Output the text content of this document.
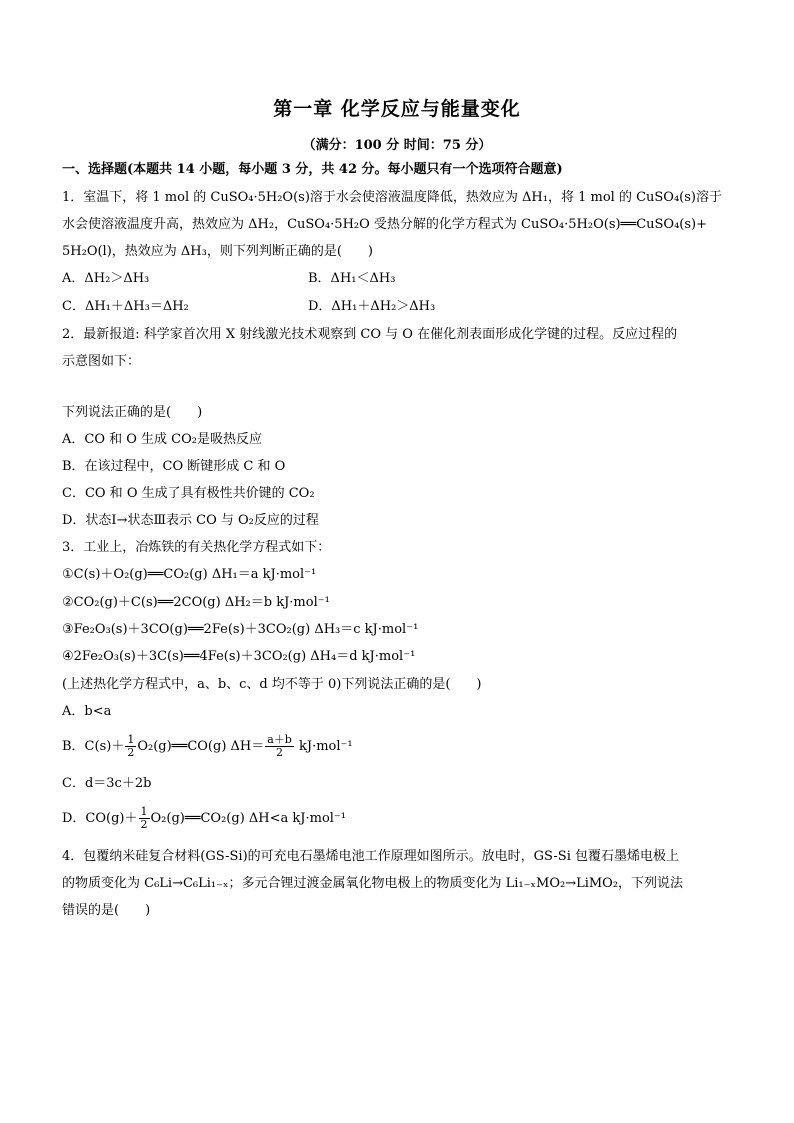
第一章 化学反应与能量变化
（满分：100 分 时间：75 分）
一、选择题(本题共 14 小题，每小题 3 分，共 42 分。每小题只有一个选项符合题意)
1．室温下，将 1 mol 的 CuSO₄·5H₂O(s)溶于水会使溶液温度降低，热效应为 ΔH₁，将 1 mol 的 CuSO₄(s)溶于
水会使溶液温度升高，热效应为 ΔH₂，CuSO₄·5H₂O 受热分解的化学方程式为 CuSO₄·5H₂O(s)══CuSO₄(s)+
5H₂O(l)，热效应为 ΔH₃，则下列判断正确的是(　　)
A．ΔH₂＞ΔH₃	B．ΔH₁＜ΔH₃
C．ΔH₁＋ΔH₃＝ΔH₂	D．ΔH₁＋ΔH₂＞ΔH₃
2．最新报道: 科学家首次用 X 射线激光技术观察到 CO 与 O 在催化剂表面形成化学键的过程。反应过程的
示意图如下：
下列说法正确的是(　　)
A．CO 和 O 生成 CO₂是吸热反应
B．在该过程中，CO 断键形成 C 和 O
C．CO 和 O 生成了具有极性共价键的 CO₂
D．状态Ⅰ→状态Ⅲ表示 CO 与 O₂反应的过程
3．工业上，冶炼铁的有关热化学方程式如下：
①C(s)＋O₂(g)══CO₂(g) ΔH₁＝a kJ·mol⁻¹
②CO₂(g)＋C(s)══2CO(g) ΔH₂＝b kJ·mol⁻¹
③Fe₂O₃(s)＋3CO(g)══2Fe(s)＋3CO₂(g) ΔH₃＝c kJ·mol⁻¹
④2Fe₂O₃(s)＋3C(s)══4Fe(s)＋3CO₂(g) ΔH₄＝d kJ·mol⁻¹
(上述热化学方程式中，a、b、c、d 均不等于 0)下列说法正确的是(　　)
A．b<a
B．$C(s)+ \frac{1}{2}$ O₂(g)══CO(g) $\Delta H= \frac{a+b}{2} kJ\cdot mol^{-1}$
C．d＝3c＋2b
D．$CO(g)+ \frac{1}{2}$ O₂(g)══CO₂(g) ΔH<a kJ·mol⁻¹
4．包覆纳米硅复合材料(GS-Si)的可充电石墨烯电池工作原理如图所示。放电时，GS-Si 包覆石墨烯电极上
的物质变化为 C₆Li→C₆Li₁₋ₓ；多元合锂过渡金属氧化物电极上的物质变化为 Li₁₋ₓMO₂→LiMO₂，下列说法
错误的是(　　)
